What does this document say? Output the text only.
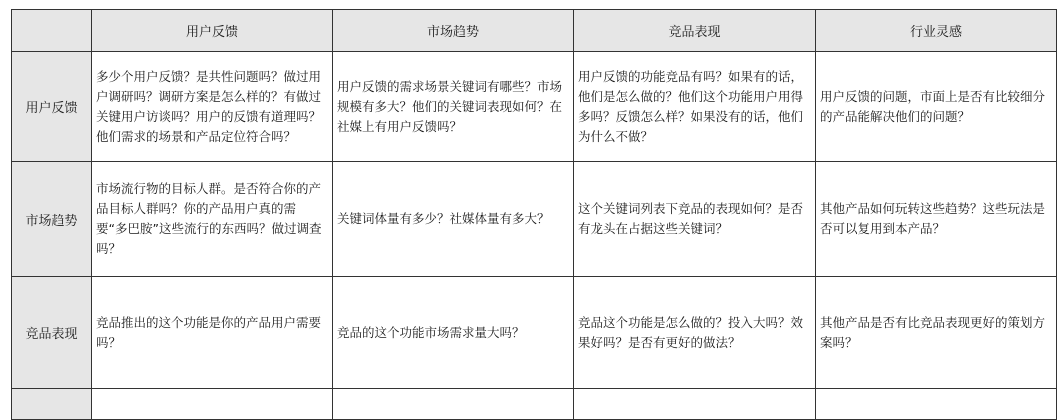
	用户反馈	市场趋势	竞品表现	行业灵感
用户反馈	多少个用户反馈？是共性问题吗？做过用户调研吗？调研方案是怎么样的？有做过关键用户访谈吗？用户的反馈有道理吗？他们需求的场景和产品定位符合吗？	用户反馈的需求场景关键词有哪些？市场规模有多大？他们的关键词表现如何？在社媒上有用户反馈吗？	用户反馈的功能竞品有吗？如果有的话，他们是怎么做的？他们这个功能用户用得多吗？反馈怎么样？如果没有的话，他们为什么不做？	用户反馈的问题，市面上是否有比较细分的产品能解决他们的问题？
市场趋势	市场流行物的目标人群。是否符合你的产品目标人群吗？你的产品用户真的需要“多巴胺”这些流行的东西吗？做过调查吗？	关键词体量有多少？社媒体量有多大？	这个关键词列表下竞品的表现如何？是否有龙头在占据这些关键词？	其他产品如何玩转这些趋势？这些玩法是否可以复用到本产品？
竞品表现	竞品推出的这个功能是你的产品用户需要吗？	竞品的这个功能市场需求量大吗？	竞品这个功能是怎么做的？投入大吗？效果好吗？是否有更好的做法？	其他产品是否有比竞品表现更好的策划方案吗？
